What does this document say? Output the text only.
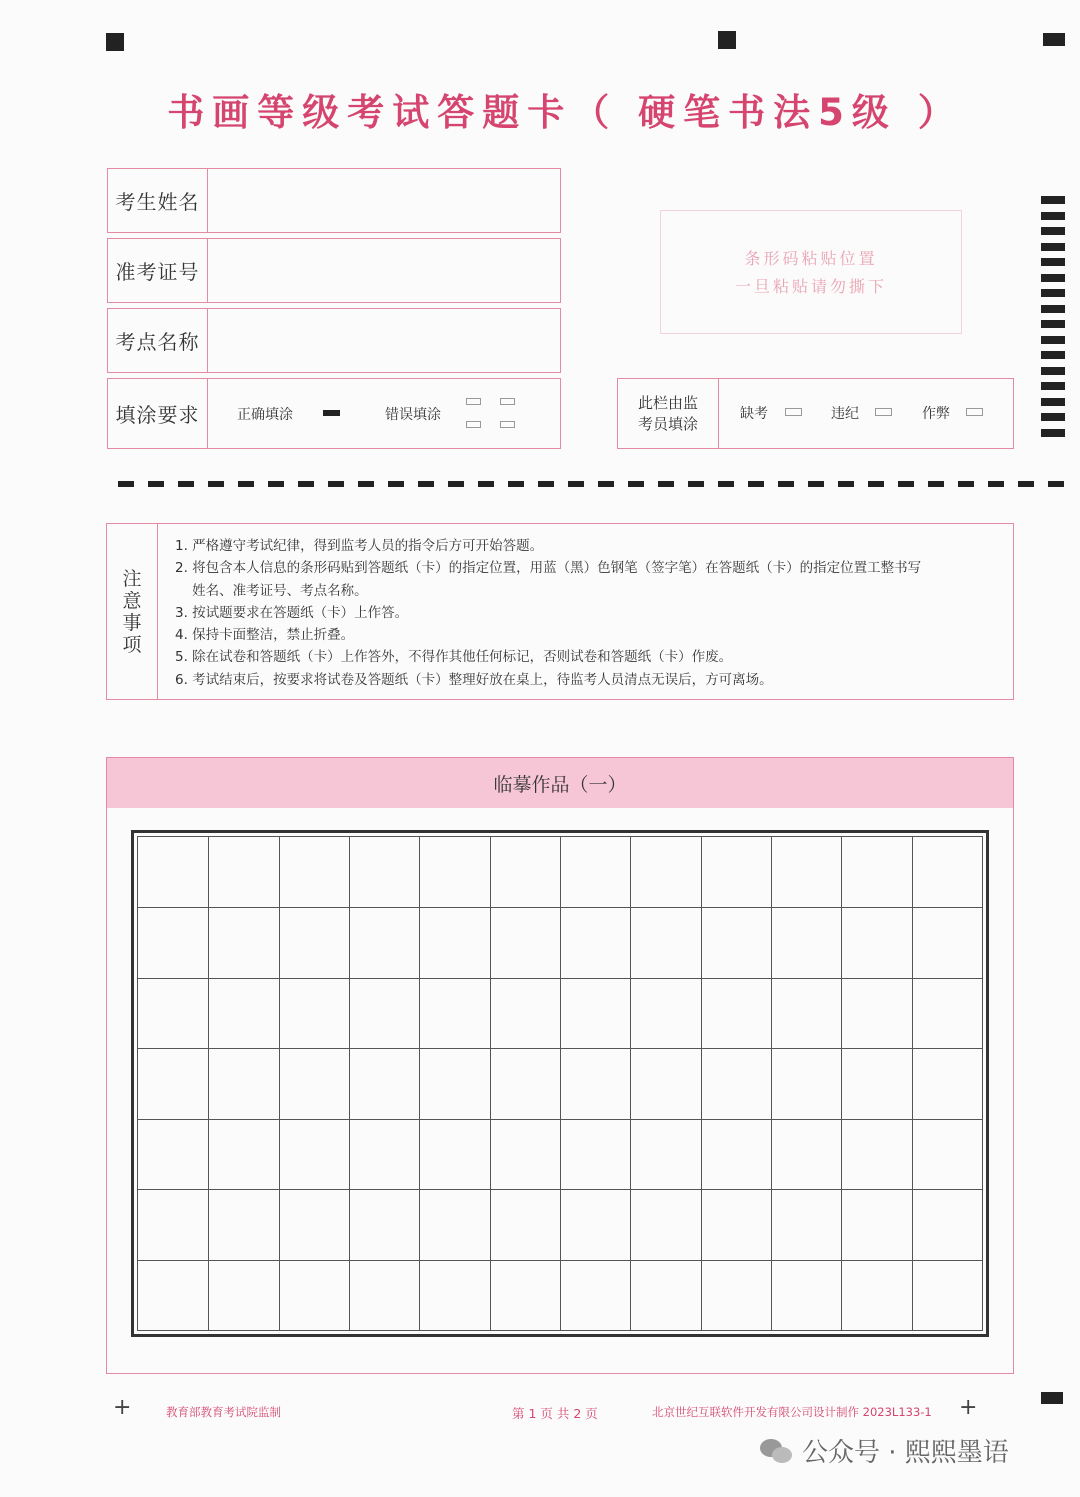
书画等级考试答题卡（ 硬笔书法5级 ）
考生姓名
准考证号
考点名称
填涂要求	正确填涂	错误填涂
条形码粘贴位置
一旦粘贴请勿撕下
此栏由监
考员填涂
缺考	违纪	作弊
注
意
事
项
1. 严格遵守考试纪律，得到监考人员的指令后方可开始答题。
2. 将包含本人信息的条形码贴到答题纸（卡）的指定位置，用蓝（黑）色钢笔（签字笔）在答题纸（卡）的指定位置工整书写
姓名、准考证号、考点名称。
3. 按试题要求在答题纸（卡）上作答。
4. 保持卡面整洁，禁止折叠。
5. 除在试卷和答题纸（卡）上作答外，不得作其他任何标记，否则试卷和答题纸（卡）作废。
6. 考试结束后，按要求将试卷及答题纸（卡）整理好放在桌上，待监考人员清点无误后，方可离场。
临摹作品（一）
+	教育部教育考试院监制	第 1 页 共 2 页	北京世纪互联软件开发有限公司设计制作 2023L133-1 +
公众号 · 熙熙墨语
